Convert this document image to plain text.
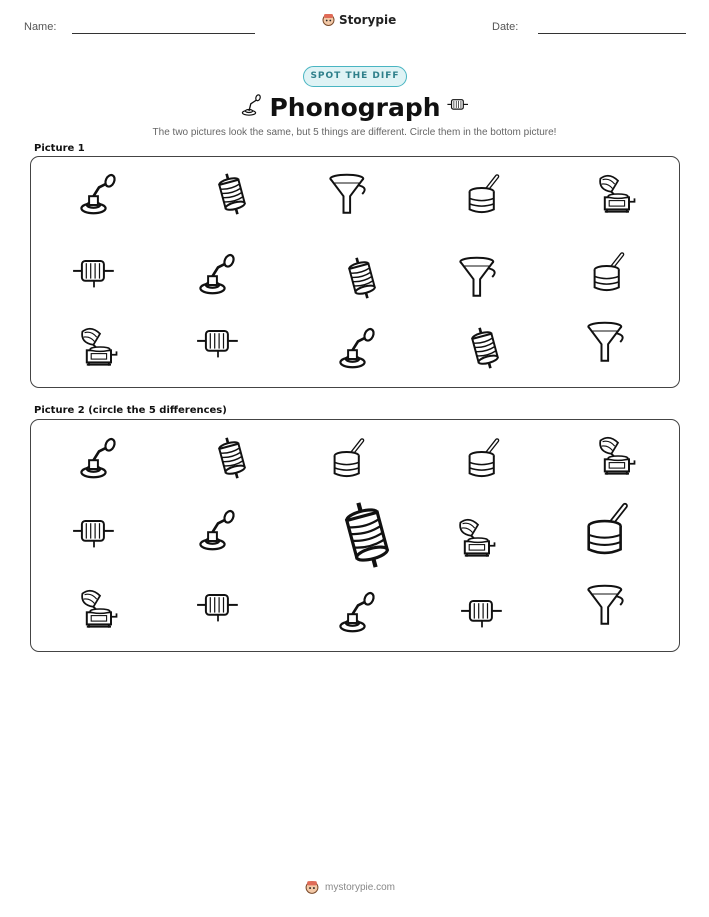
Name:	Storypie	Date:
SPOT THE DIFF
Phonograph
The two pictures look the same, but 5 things are different. Circle them in the bottom picture!
Picture 1
Picture 2 (circle the 5 differences)
mystorypie.com
